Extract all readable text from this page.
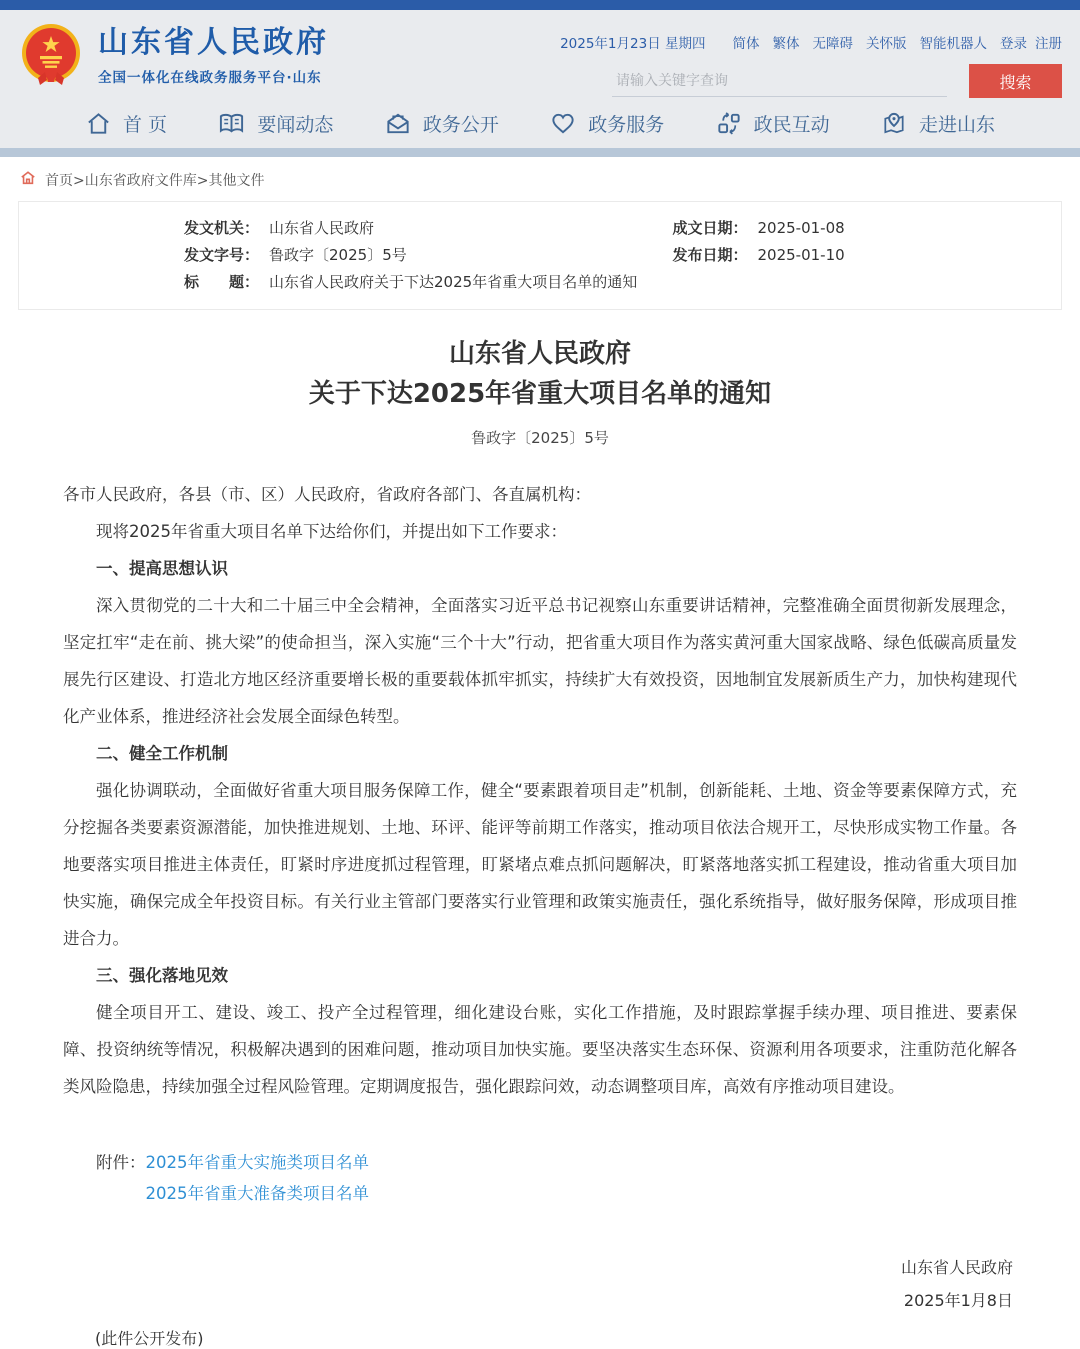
山东省人民政府
全国一体化在线政务服务平台·山东
2025年1月23日 星期四 简体 繁体 无障碍 关怀版 智能机器人 登录 注册
请输入关键字查询
搜索
首 页	要闻动态	政务公开	政务服务	政民互动	走进山东
首页>山东省政府文件库>其他文件
发文机关： 山东省人民政府	成文日期： 2025-01-08
发文字号： 鲁政字〔2025〕5号	发布日期： 2025-01-10
标　　题： 山东省人民政府关于下达2025年省重大项目名单的通知
山东省人民政府
关于下达2025年省重大项目名单的通知
鲁政字〔2025〕5号

各市人民政府，各县（市、区）人民政府，省政府各部门、各直属机构：

现将2025年省重大项目名单下达给你们，并提出如下工作要求：

一、提高思想认识

深入贯彻党的二十大和二十届三中全会精神，全面落实习近平总书记视察山东重要讲话精神，完整准确全面贯彻新发展理念，坚定扛牢“走在前、挑大梁”的使命担当，深入实施“三个十大”行动，把省重大项目作为落实黄河重大国家战略、绿色低碳高质量发展先行区建设、打造北方地区经济重要增长极的重要载体抓牢抓实，持续扩大有效投资，因地制宜发展新质生产力，加快构建现代化产业体系，推进经济社会发展全面绿色转型。

二、健全工作机制

强化协调联动，全面做好省重大项目服务保障工作，健全“要素跟着项目走”机制，创新能耗、土地、资金等要素保障方式，充分挖掘各类要素资源潜能，加快推进规划、土地、环评、能评等前期工作落实，推动项目依法合规开工，尽快形成实物工作量。各地要落实项目推进主体责任，盯紧时序进度抓过程管理，盯紧堵点难点抓问题解决，盯紧落地落实抓工程建设，推动省重大项目加快实施，确保完成全年投资目标。有关行业主管部门要落实行业管理和政策实施责任，强化系统指导，做好服务保障，形成项目推进合力。

三、强化落地见效

健全项目开工、建设、竣工、投产全过程管理，细化建设台账，实化工作措施，及时跟踪掌握手续办理、项目推进、要素保障、投资纳统等情况，积极解决遇到的困难问题，推动项目加快实施。要坚决落实生态环保、资源利用各项要求，注重防范化解各类风险隐患，持续加强全过程风险管理。定期调度报告，强化跟踪问效，动态调整项目库，高效有序推动项目建设。

附件： 2025年省重大实施类项目名单
2025年省重大准备类项目名单
山东省人民政府
2025年1月8日
(此件公开发布)
